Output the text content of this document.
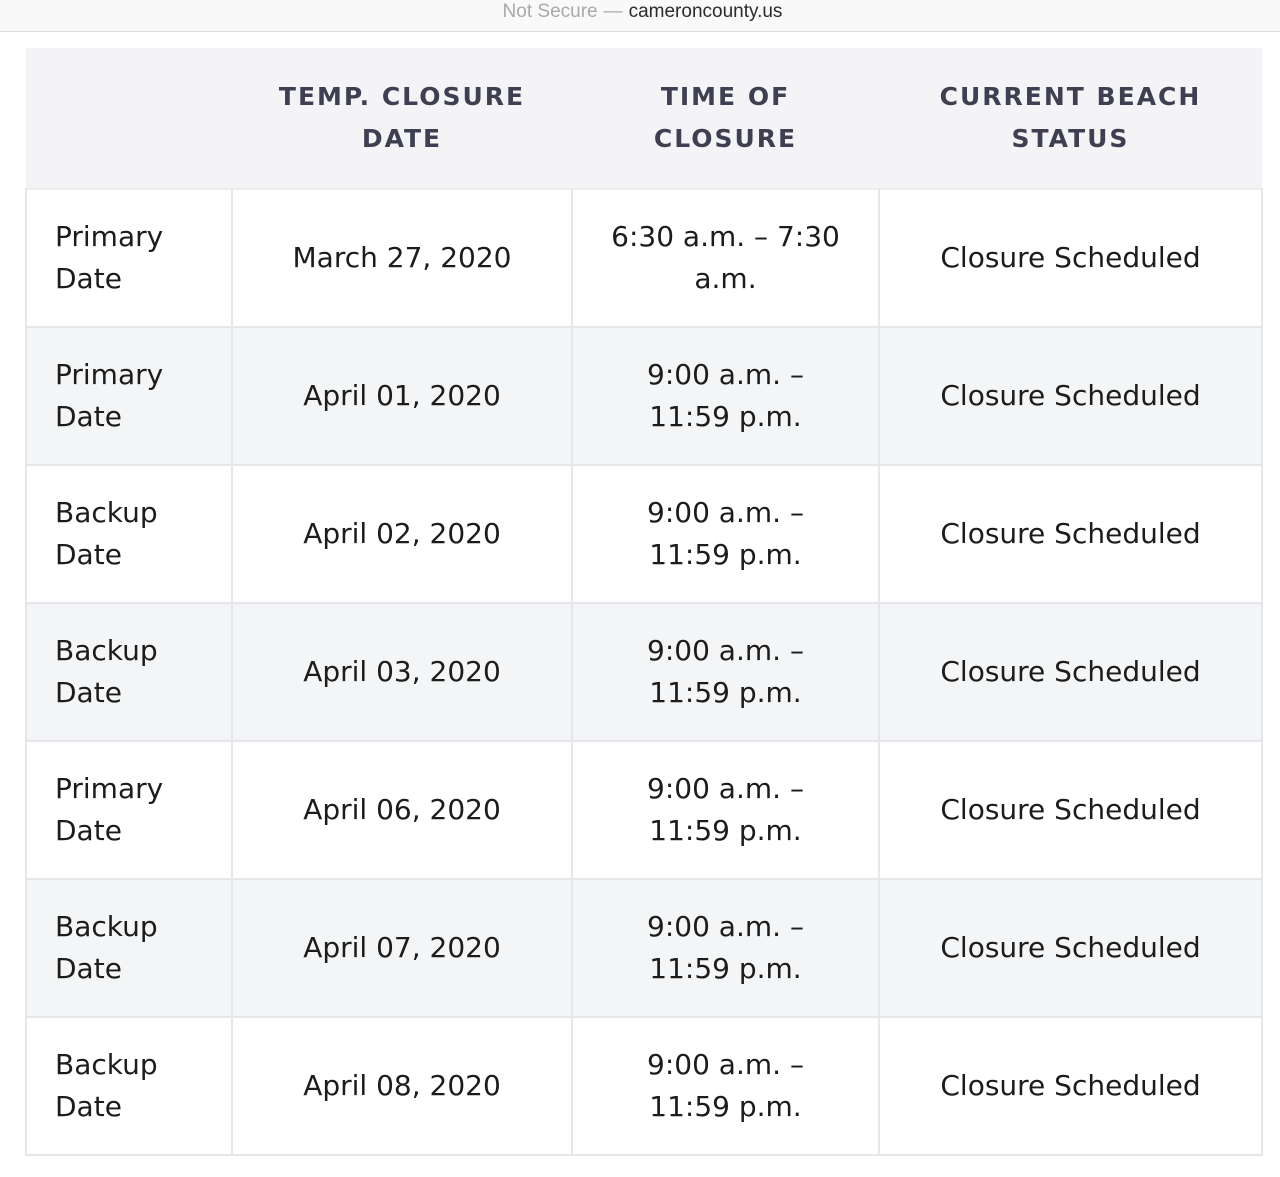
Not Secure — cameroncounty.us
	TEMP. CLOSURE DATE	TIME OF CLOSURE	CURRENT BEACH STATUS
Primary Date	March 27, 2020	6:30 a.m. – 7:30 a.m.	Closure Scheduled
Primary Date	April 01, 2020	9:00 a.m. – 11:59 p.m.	Closure Scheduled
Backup Date	April 02, 2020	9:00 a.m. – 11:59 p.m.	Closure Scheduled
Backup Date	April 03, 2020	9:00 a.m. – 11:59 p.m.	Closure Scheduled
Primary Date	April 06, 2020	9:00 a.m. – 11:59 p.m.	Closure Scheduled
Backup Date	April 07, 2020	9:00 a.m. – 11:59 p.m.	Closure Scheduled
Backup Date	April 08, 2020	9:00 a.m. – 11:59 p.m.	Closure Scheduled
